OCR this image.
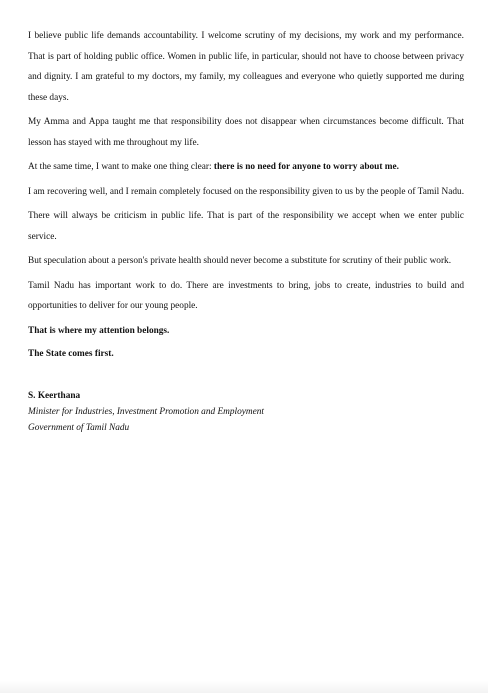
I believe public life demands accountability. I welcome scrutiny of my decisions, my work and my performance. That is part of holding public office. Women in public life, in particular, should not have to choose between privacy and dignity. I am grateful to my doctors, my family, my colleagues and everyone who quietly supported me during these days.

My Amma and Appa taught me that responsibility does not disappear when circumstances become difficult. That lesson has stayed with me throughout my life.

At the same time, I want to make one thing clear: there is no need for anyone to worry about me.

I am recovering well, and I remain completely focused on the responsibility given to us by the people of Tamil Nadu.

There will always be criticism in public life. That is part of the responsibility we accept when we enter public service.

But speculation about a person's private health should never become a substitute for scrutiny of their public work.

Tamil Nadu has important work to do. There are investments to bring, jobs to create, industries to build and opportunities to deliver for our young people.

That is where my attention belongs.

The State comes first.

S. Keerthana
Minister for Industries, Investment Promotion and Employment
Government of Tamil Nadu
